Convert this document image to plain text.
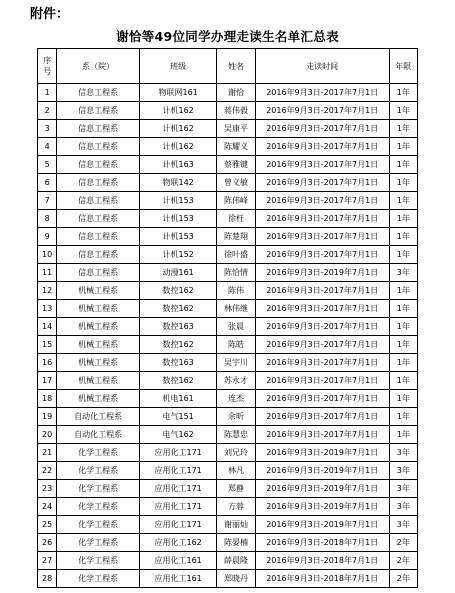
附件：
谢恰等49位同学办理走读生名单汇总表
序
号	系（院）	班级	姓名	走读时间	年限
1	信息工程系	物联网161	谢恰	2016年9月3日-2017年7月1日	1年
2	信息工程系	计机162	蒋伟毅	2016年9月3日-2017年7月1日	1年
3	信息工程系	计机162	吴康平	2016年9月3日-2017年7月1日	1年
4	信息工程系	计机162	陈耀义	2016年9月3日-2017年7月1日	1年
5	信息工程系	计机163	蔡雅键	2016年9月3日-2017年7月1日	1年
6	信息工程系	物联142	曾义敏	2016年9月3日-2017年7月1日	1年
7	信息工程系	计机153	陈伟峰	2016年9月3日-2017年7月1日	1年
8	信息工程系	计机153	徐枉	2016年9月3日-2017年7月1日	1年
9	信息工程系	计机153	陈楚翔	2016年9月3日-2017年7月1日	1年
10	信息工程系	计机152	徐叶盛	2016年9月3日-2017年7月1日	1年
11	信息工程系	动漫161	陈恰情	2016年9月3日-2019年7月1日	3年
12	机械工程系	数控162	陈伟	2016年9月3日-2017年7月1日	1年
13	机械工程系	数控162	林伟继	2016年9月3日-2017年7月1日	1年
14	机械工程系	数控163	张晨	2016年9月3日-2017年7月1日	1年
15	机械工程系	数控162	陈皓	2016年9月3日-2017年7月1日	1年
16	机械工程系	数控163	吴宇川	2016年9月3日-2017年7月1日	1年
17	机械工程系	数控162	苏永才	2016年9月3日-2017年7月1日	1年
18	机械工程系	机电161	连杰	2016年9月3日-2017年7月1日	1年
19	自动化工程系	电气151	余昕	2016年9月3日-2017年7月1日	1年
20	自动化工程系	电气162	陈慧忠	2016年9月3日-2017年7月1日	1年
21	化学工程系	应用化工171	刘兄玲	2016年9月3日-2019年7月1日	3年
22	化学工程系	应用化工171	林凡	2016年9月3日-2019年7月1日	3年
23	化学工程系	应用化工171	郑静	2016年9月3日-2019年7月1日	3年
24	化学工程系	应用化工171	方蓉	2016年9月3日-2019年7月1日	3年
25	化学工程系	应用化工171	谢丽灿	2016年9月3日-2019年7月1日	3年
26	化学工程系	应用化工162	陈晏楠	2016年9月3日-2018年7月1日	2年
27	化学工程系	应用化工161	薛晨隆	2016年9月3日-2018年7月1日	2年
28	化学工程系	应用化工161	郑晓丹	2016年9月3日-2018年7月1日	2年
